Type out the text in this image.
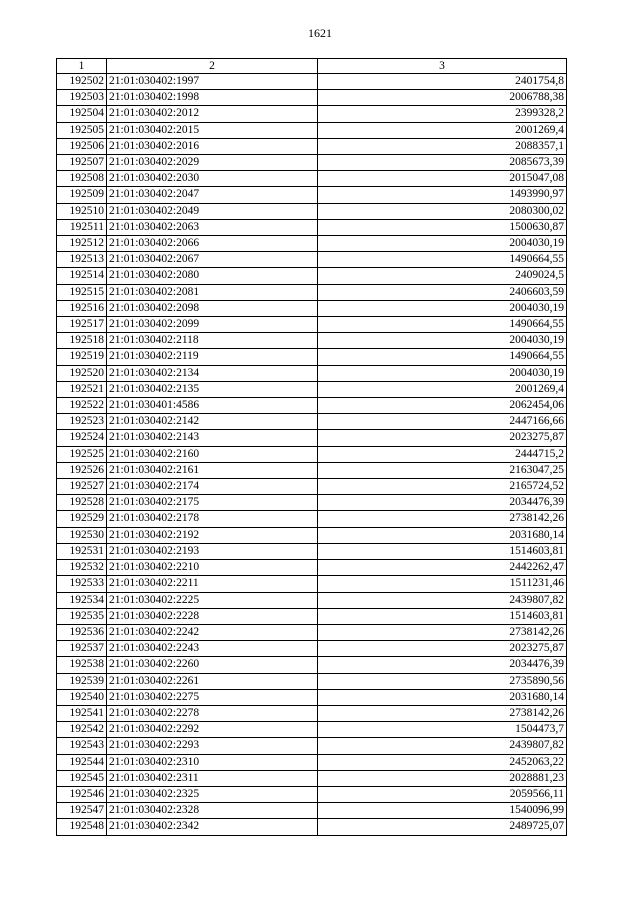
1621
1	2	3
192502	21:01:030402:1997	2401754,8
192503	21:01:030402:1998	2006788,38
192504	21:01:030402:2012	2399328,2
192505	21:01:030402:2015	2001269,4
192506	21:01:030402:2016	2088357,1
192507	21:01:030402:2029	2085673,39
192508	21:01:030402:2030	2015047,08
192509	21:01:030402:2047	1493990,97
192510	21:01:030402:2049	2080300,02
192511	21:01:030402:2063	1500630,87
192512	21:01:030402:2066	2004030,19
192513	21:01:030402:2067	1490664,55
192514	21:01:030402:2080	2409024,5
192515	21:01:030402:2081	2406603,59
192516	21:01:030402:2098	2004030,19
192517	21:01:030402:2099	1490664,55
192518	21:01:030402:2118	2004030,19
192519	21:01:030402:2119	1490664,55
192520	21:01:030402:2134	2004030,19
192521	21:01:030402:2135	2001269,4
192522	21:01:030401:4586	2062454,06
192523	21:01:030402:2142	2447166,66
192524	21:01:030402:2143	2023275,87
192525	21:01:030402:2160	2444715,2
192526	21:01:030402:2161	2163047,25
192527	21:01:030402:2174	2165724,52
192528	21:01:030402:2175	2034476,39
192529	21:01:030402:2178	2738142,26
192530	21:01:030402:2192	2031680,14
192531	21:01:030402:2193	1514603,81
192532	21:01:030402:2210	2442262,47
192533	21:01:030402:2211	1511231,46
192534	21:01:030402:2225	2439807,82
192535	21:01:030402:2228	1514603,81
192536	21:01:030402:2242	2738142,26
192537	21:01:030402:2243	2023275,87
192538	21:01:030402:2260	2034476,39
192539	21:01:030402:2261	2735890,56
192540	21:01:030402:2275	2031680,14
192541	21:01:030402:2278	2738142,26
192542	21:01:030402:2292	1504473,7
192543	21:01:030402:2293	2439807,82
192544	21:01:030402:2310	2452063,22
192545	21:01:030402:2311	2028881,23
192546	21:01:030402:2325	2059566,11
192547	21:01:030402:2328	1540096,99
192548	21:01:030402:2342	2489725,07
